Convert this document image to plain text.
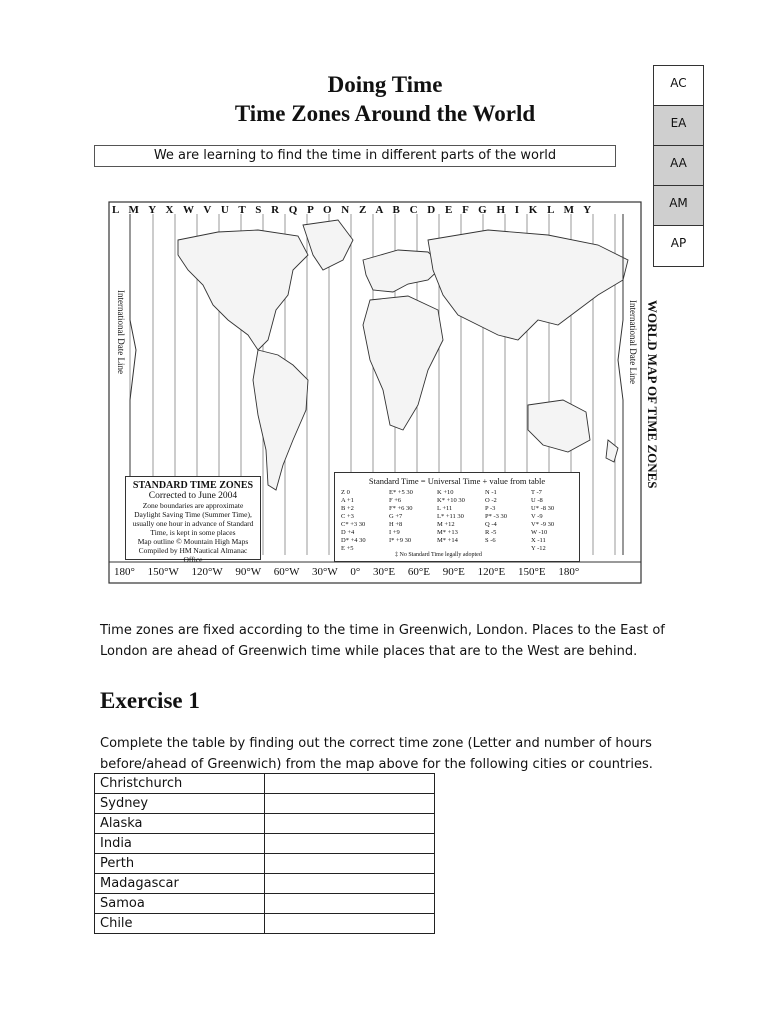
Doing Time
Time Zones Around the World
We are learning to find the time in different parts of the world
AC
EA
AA
AM
AP
L M Y X W V U T S R Q P O N Z A B C D E F G H I K L M Y
International Date Line	International Date Line WORLD MAP OF TIME ZONES
STANDARD TIME ZONES
Corrected to June 2004
Zone boundaries are approximate
Daylight Saving Time (Summer Time),
usually one hour in advance of Standard
Time, is kept in some places
Map outline © Mountain High Maps
Compiled by HM Nautical Almanac Office
Standard Time = Universal Time + value from table
Z 0
A +1
B +2
C +3
C* +3 30
D +4
D* +4 30
E +5
E* +5 30
F +6
F* +6 30
G +7
H +8
I +9
I* +9 30
K +10
K* +10 30
L +11
L* +11 30
M +12
M* +13
M* +14
N -1
O -2
P -3
P* -3 30
Q -4
R -5
S -6
T -7
U -8
U* -8 30
V -9
V* -9 30
W -10
X -11
Y -12
‡ No Standard Time legally adopted
180° 150°W 120°W 90°W 60°W 30°W 0° 30°E 60°E 90°E 120°E 150°E 180°
Time zones are fixed according to the time in Greenwich, London. Places to the East of London are ahead of Greenwich time while places that are to the West are behind.
Exercise 1
Complete the table by finding out the correct time zone (Letter and number of hours before/ahead of Greenwich) from the map above for the following cities or countries.
Christchurch	
Sydney	
Alaska	
India	
Perth	
Madagascar	
Samoa	
Chile	
